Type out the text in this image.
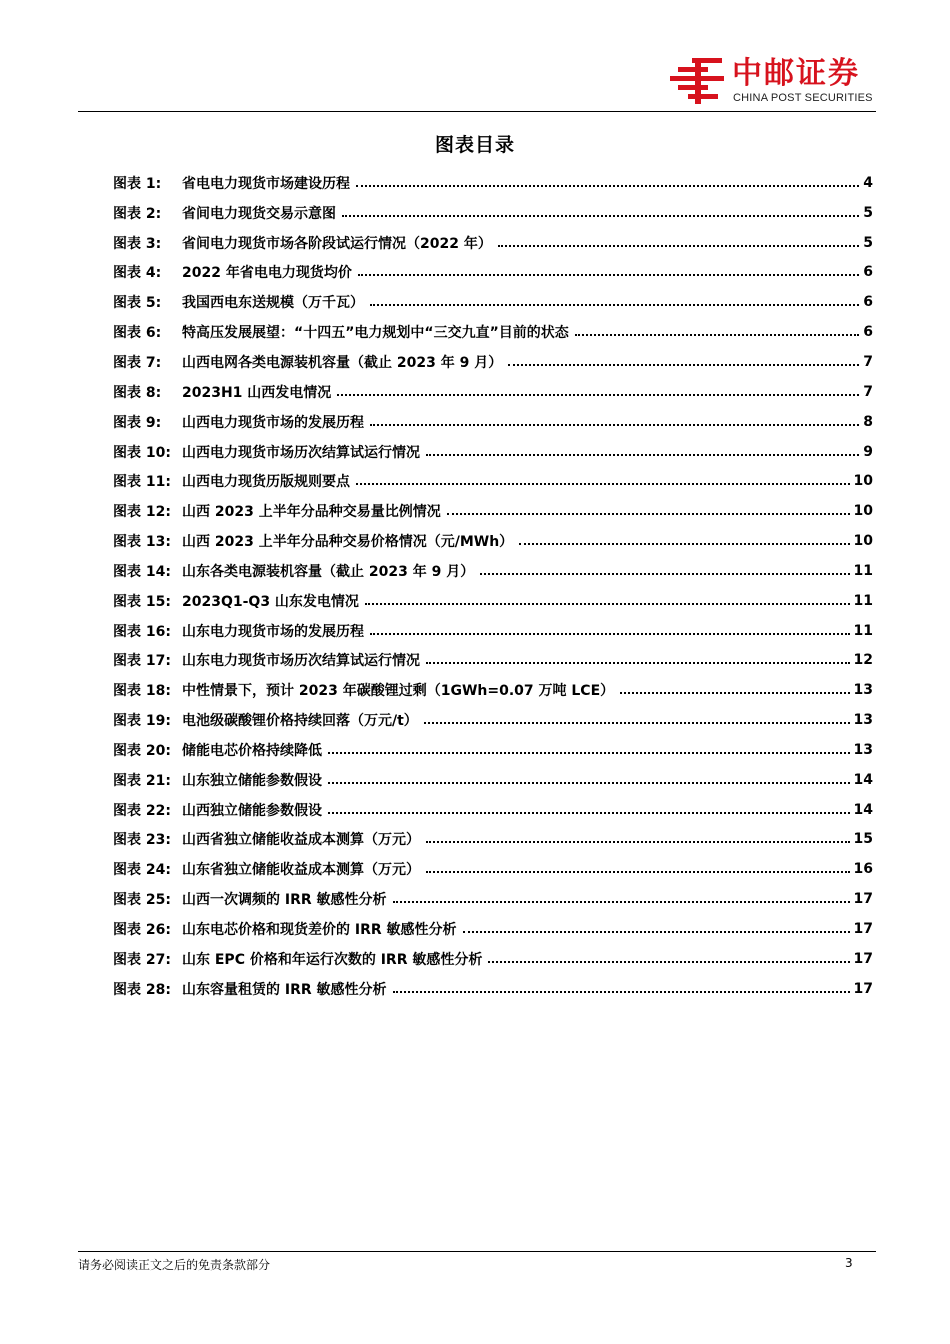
中邮证券
CHINA POST SECURITIES
图表目录
图表 1:	省电电力现货市场建设历程	4
图表 2:	省间电力现货交易示意图	5
图表 3:	省间电力现货市场各阶段试运行情况（2022 年）	5
图表 4:	2022 年省电电力现货均价	6
图表 5:	我国西电东送规模（万千瓦）	6
图表 6:	特高压发展展望：“十四五”电力规划中“三交九直”目前的状态	6
图表 7:	山西电网各类电源装机容量（截止 2023 年 9 月）	7
图表 8:	2023H1 山西发电情况	7
图表 9:	山西电力现货市场的发展历程	8
图表 10: 山西电力现货市场历次结算试运行情况	9
图表 11: 山西电力现货历版规则要点	10
图表 12: 山西 2023 上半年分品种交易量比例情况	10
图表 13: 山西 2023 上半年分品种交易价格情况（元/MWh）	10
图表 14: 山东各类电源装机容量（截止 2023 年 9 月）	11
图表 15: 2023Q1-Q3 山东发电情况	11
图表 16: 山东电力现货市场的发展历程	11
图表 17: 山东电力现货市场历次结算试运行情况	12
图表 18: 中性情景下，预计 2023 年碳酸锂过剩（1GWh=0.07 万吨 LCE）	13
图表 19: 电池级碳酸锂价格持续回落（万元/t）	13
图表 20: 储能电芯价格持续降低	13
图表 21: 山东独立储能参数假设	14
图表 22: 山西独立储能参数假设	14
图表 23: 山西省独立储能收益成本测算（万元）	15
图表 24: 山东省独立储能收益成本测算（万元）	16
图表 25: 山西一次调频的 IRR 敏感性分析	17
图表 26: 山东电芯价格和现货差价的 IRR 敏感性分析	17
图表 27: 山东 EPC 价格和年运行次数的 IRR 敏感性分析	17
图表 28: 山东容量租赁的 IRR 敏感性分析	17
请务必阅读正文之后的免责条款部分	3
